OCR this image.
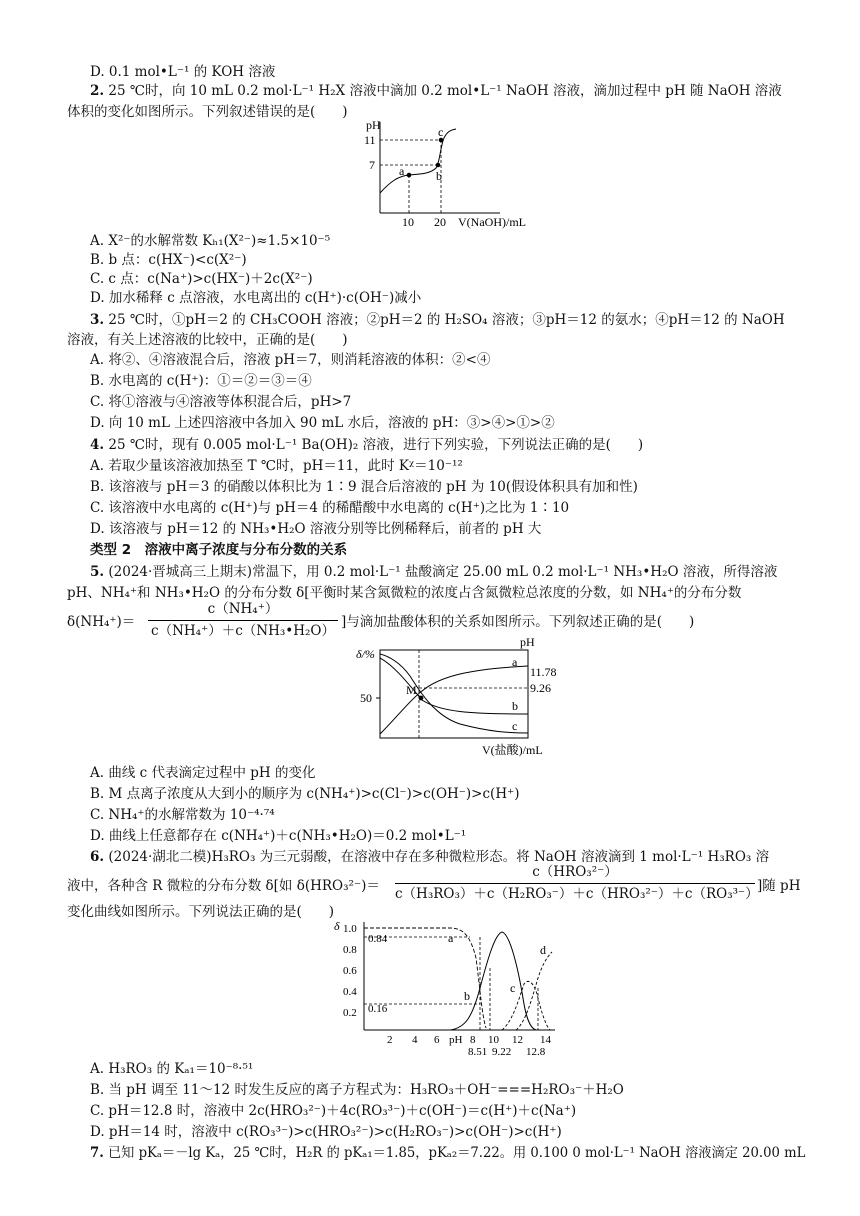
D. 0.1 mol•L⁻¹ 的 KOH 溶液
2. 25 ℃时，向 10 mL 0.2 mol·L⁻¹ H₂X 溶液中滴加 0.2 mol•L⁻¹ NaOH 溶液，滴加过程中 pH 随 NaOH 溶液
体积的变化如图所示。下列叙述错误的是(　　)
pH
11
7 a	b
c
10 20 V(NaOH)/mL
A. X²⁻的水解常数 Kₕ₁(X²⁻)≈1.5×10⁻⁵
B. b 点：c(HX⁻)<c(X²⁻)
C. c 点：c(Na⁺)>c(HX⁻)＋2c(X²⁻)
D. 加水稀释 c 点溶液，水电离出的 c(H⁺)·c(OH⁻)减小
3. 25 ℃时，①pH＝2 的 CH₃COOH 溶液；②pH＝2 的 H₂SO₄ 溶液；③pH＝12 的氨水；④pH＝12 的 NaOH
溶液，有关上述溶液的比较中，正确的是(　　)
A. 将②、④溶液混合后，溶液 pH＝7，则消耗溶液的体积：②<④
B. 水电离的 c(H⁺)：①＝②＝③＝④
C. 将①溶液与④溶液等体积混合后，pH>7
D. 向 10 mL 上述四溶液中各加入 90 mL 水后，溶液的 pH：③>④>①>②
4. 25 ℃时，现有 0.005 mol·L⁻¹ Ba(OH)₂ 溶液，进行下列实验，下列说法正确的是(　　)
A. 若取少量该溶液加热至 T ℃时，pH＝11，此时 Kᵡ＝10⁻¹²
B. 该溶液与 pH＝3 的硝酸以体积比为 1∶9 混合后溶液的 pH 为 10(假设体积具有加和性)
C. 该溶液中水电离的 c(H⁺)与 pH＝4 的稀醋酸中水电离的 c(H⁺)之比为 1∶10
D. 该溶液与 pH＝12 的 NH₃•H₂O 溶液分别等比例稀释后，前者的 pH 大
类型 2　溶液中离子浓度与分布分数的关系
5. (2024·晋城高三上期末)常温下，用 0.2 mol·L⁻¹ 盐酸滴定 25.00 mL 0.2 mol·L⁻¹ NH₃•H₂O 溶液，所得溶液
pH、NH₄⁺和 NH₃•H₂O 的分布分数 δ[平衡时某含氮微粒的浓度占含氮微粒总浓度的分数，如 NH₄⁺的分布分数
δ(NH₄⁺)＝
c（NH₄⁺）
c（NH₄⁺）＋c（NH₃•H₂O）
]与滴加盐酸体积的关系如图所示。下列叙述正确的是(　　)
δ/%
pH
50
11.78
9.26
M
a
b
c
V(盐酸)/mL
A. 曲线 c 代表滴定过程中 pH 的变化
B. M 点离子浓度从大到小的顺序为 c(NH₄⁺)>c(Cl⁻)>c(OH⁻)>c(H⁺)
C. NH₄⁺的水解常数为 10⁻⁴·⁷⁴
D. 曲线上任意都存在 c(NH₄⁺)＋c(NH₃•H₂O)＝0.2 mol•L⁻¹
6. (2024·湖北二模)H₃RO₃ 为三元弱酸，在溶液中存在多种微粒形态。将 NaOH 溶液滴到 1 mol·L⁻¹ H₃RO₃ 溶
液中，各种含 R 微粒的分布分数 δ[如 δ(HRO₃²⁻)＝
c（HRO₃²⁻）
c（H₃RO₃）＋c（H₂RO₃⁻）＋c（HRO₃²⁻）＋c（RO₃³⁻）
]随 pH
变化曲线如图所示。下列说法正确的是(　　)
δ 1.0
0.8
0.6
0.4
0.2
0.84
0.16
a
b
c
d
2 4 6 pH 8 10 12 14
8.51 9.22 12.8
A. H₃RO₃ 的 Kₐ₁＝10⁻⁸·⁵¹
B. 当 pH 调至 11～12 时发生反应的离子方程式为：H₃RO₃＋OH⁻===H₂RO₃⁻＋H₂O
C. pH＝12.8 时，溶液中 2c(HRO₃²⁻)＋4c(RO₃³⁻)＋c(OH⁻)＝c(H⁺)＋c(Na⁺)
D. pH＝14 时，溶液中 c(RO₃³⁻)>c(HRO₃²⁻)>c(H₂RO₃⁻)>c(OH⁻)>c(H⁺)
7. 已知 pKₐ＝－lg Kₐ，25 ℃时，H₂R 的 pKₐ₁＝1.85，pKₐ₂＝7.22。用 0.100 0 mol·L⁻¹ NaOH 溶液滴定 20.00 mL
